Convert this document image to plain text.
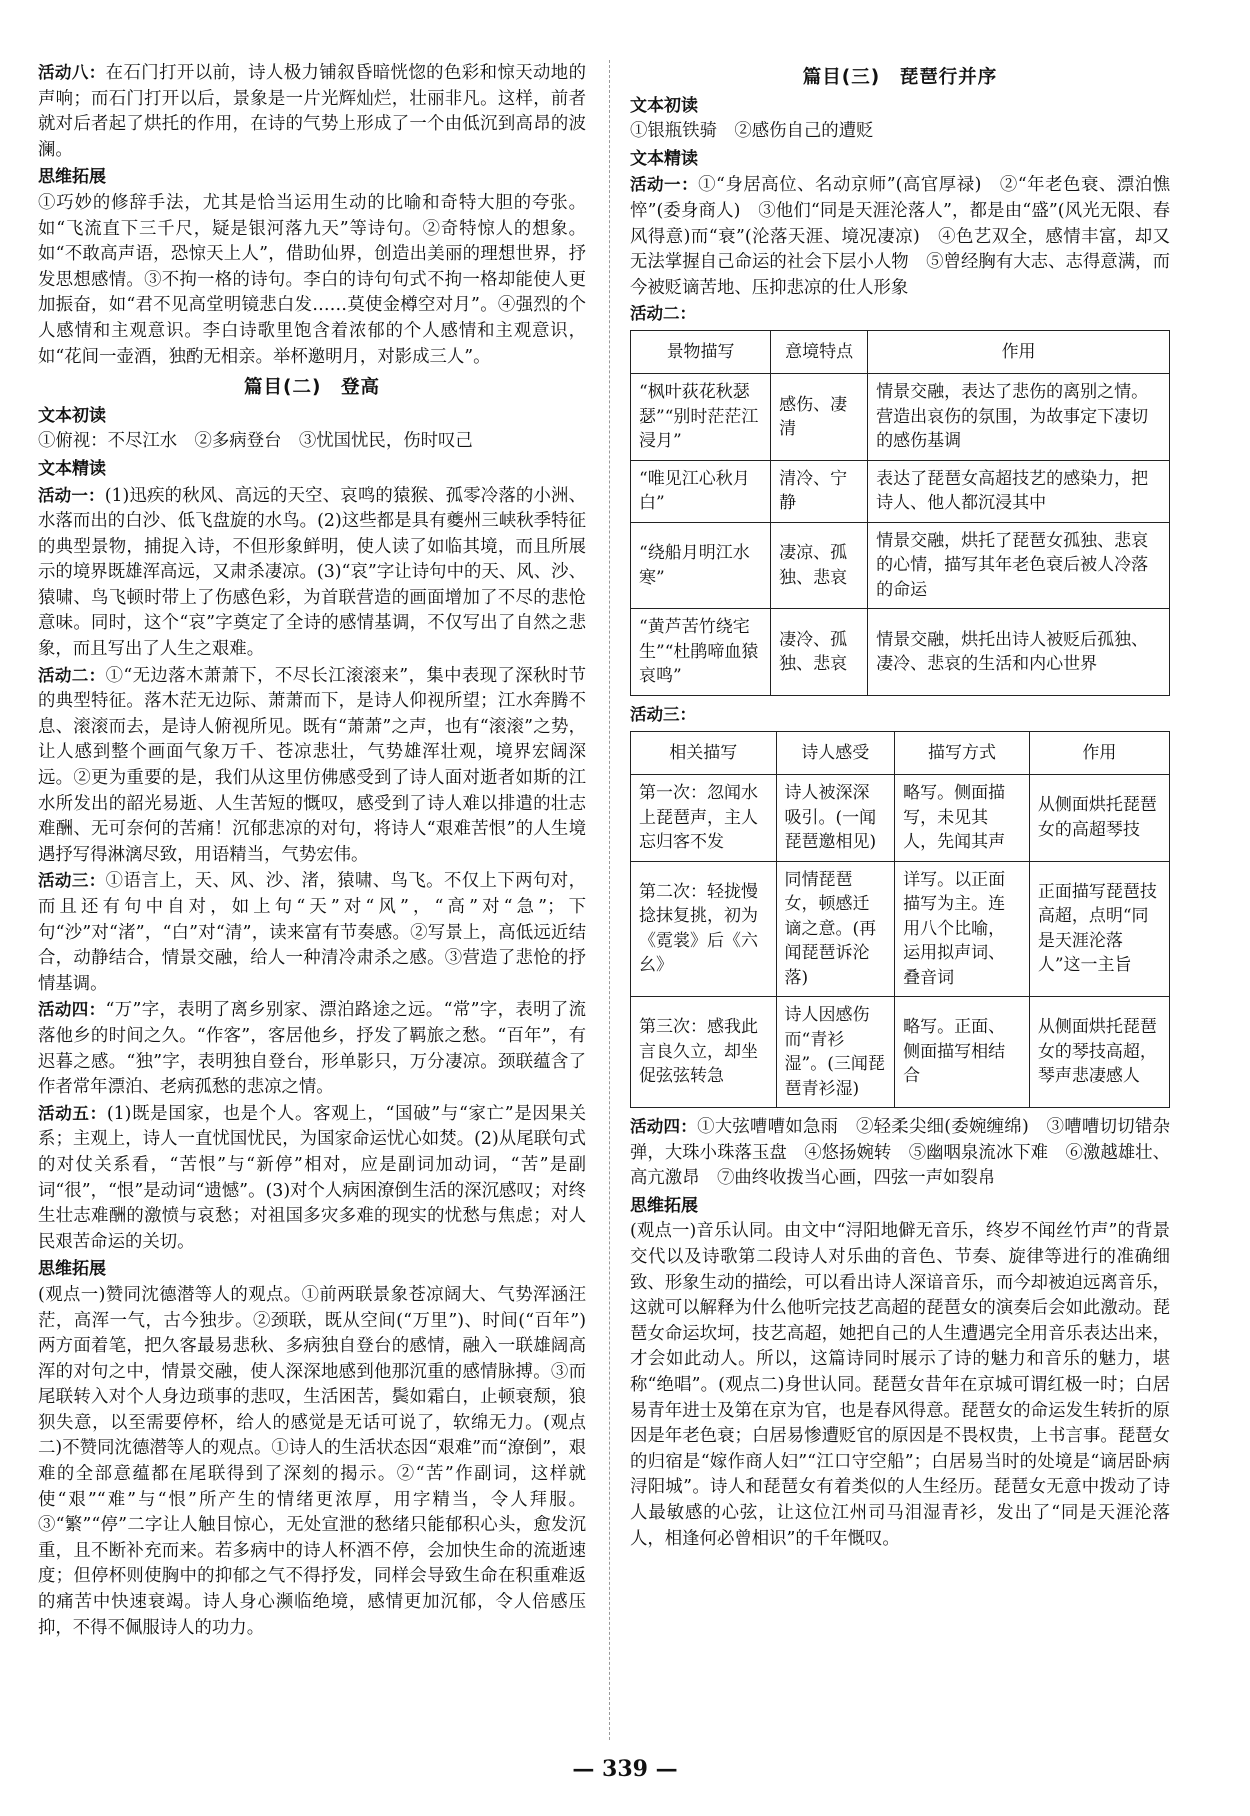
活动八：在石门打开以前，诗人极力铺叙昏暗恍惚的色彩和惊天动地的声响；而石门打开以后，景象是一片光辉灿烂，壮丽非凡。这样，前者就对后者起了烘托的作用，在诗的气势上形成了一个由低沉到高昂的波澜。

思维拓展

①巧妙的修辞手法，尤其是恰当运用生动的比喻和奇特大胆的夸张。如“飞流直下三千尺，疑是银河落九天”等诗句。②奇特惊人的想象。如“不敢高声语，恐惊天上人”，借助仙界，创造出美丽的理想世界，抒发思想感情。③不拘一格的诗句。李白的诗句句式不拘一格却能使人更加振奋，如“君不见高堂明镜悲白发……莫使金樽空对月”。④强烈的个人感情和主观意识。李白诗歌里饱含着浓郁的个人感情和主观意识，如“花间一壶酒，独酌无相亲。举杯邀明月，对影成三人”。

篇目(二)　登高
文本初读

①俯视：不尽江水　②多病登台　③忧国忧民，伤时叹己

文本精读

活动一：(1)迅疾的秋风、高远的天空、哀鸣的猿猴、孤零冷落的小洲、水落而出的白沙、低飞盘旋的水鸟。(2)这些都是具有夔州三峡秋季特征的典型景物，捕捉入诗，不但形象鲜明，使人读了如临其境，而且所展示的境界既雄浑高远，又肃杀凄凉。(3)“哀”字让诗句中的天、风、沙、猿啸、鸟飞顿时带上了伤感色彩，为首联营造的画面增加了不尽的悲怆意味。同时，这个“哀”字奠定了全诗的感情基调，不仅写出了自然之悲象，而且写出了人生之艰难。

活动二：①“无边落木萧萧下，不尽长江滚滚来”，集中表现了深秋时节的典型特征。落木茫无边际、萧萧而下，是诗人仰视所望；江水奔腾不息、滚滚而去，是诗人俯视所见。既有“萧萧”之声，也有“滚滚”之势，让人感到整个画面气象万千、苍凉悲壮，气势雄浑壮观，境界宏阔深远。②更为重要的是，我们从这里仿佛感受到了诗人面对逝者如斯的江水所发出的韶光易逝、人生苦短的慨叹，感受到了诗人难以排遣的壮志难酬、无可奈何的苦痛！沉郁悲凉的对句，将诗人“艰难苦恨”的人生境遇抒写得淋漓尽致，用语精当，气势宏伟。

活动三：①语言上，天、风、沙、渚，猿啸、鸟飞。不仅上下两句对，而且还有句中自对，如上句“天”对“风”，“高”对“急”；下句“沙”对“渚”，“白”对“清”，读来富有节奏感。②写景上，高低远近结合，动静结合，情景交融，给人一种清冷肃杀之感。③营造了悲怆的抒情基调。

活动四：“万”字，表明了离乡别家、漂泊路途之远。“常”字，表明了流落他乡的时间之久。“作客”，客居他乡，抒发了羁旅之愁。“百年”，有迟暮之感。“独”字，表明独自登台，形单影只，万分凄凉。颈联蕴含了作者常年漂泊、老病孤愁的悲凉之情。

活动五：(1)既是国家，也是个人。客观上，“国破”与“家亡”是因果关系；主观上，诗人一直忧国忧民，为国家命运忧心如焚。(2)从尾联句式的对仗关系看，“苦恨”与“新停”相对，应是副词加动词，“苦”是副词“很”，“恨”是动词“遗憾”。(3)对个人病困潦倒生活的深沉感叹；对终生壮志难酬的激愤与哀愁；对祖国多灾多难的现实的忧愁与焦虑；对人民艰苦命运的关切。

思维拓展

(观点一)赞同沈德潜等人的观点。①前两联景象苍凉阔大、气势浑涵汪茫，高浑一气，古今独步。②颈联，既从空间(“万里”)、时间(“百年”)两方面着笔，把久客最易悲秋、多病独自登台的感情，融入一联雄阔高浑的对句之中，情景交融，使人深深地感到他那沉重的感情脉搏。③而尾联转入对个人身边琐事的悲叹，生活困苦，鬓如霜白，止顿衰颓，狼狈失意，以至需要停杯，给人的感觉是无话可说了，软绵无力。(观点二)不赞同沈德潜等人的观点。①诗人的生活状态因“艰难”而“潦倒”，艰难的全部意蕴都在尾联得到了深刻的揭示。②“苦”作副词，这样就使“艰”“难”与“恨”所产生的情绪更浓厚，用字精当，令人拜服。③“繁”“停”二字让人触目惊心，无处宣泄的愁绪只能郁积心头，愈发沉重，且不断补充而来。若多病中的诗人杯酒不停，会加快生命的流逝速度；但停杯则使胸中的抑郁之气不得抒发，同样会导致生命在积重难返的痛苦中快速衰竭。诗人身心濒临绝境，感情更加沉郁，令人倍感压抑，不得不佩服诗人的功力。

篇目(三)　琵琶行并序
文本初读

①银瓶铁骑　②感伤自己的遭贬

文本精读

活动一：①“身居高位、名动京师”(高官厚禄)　②“年老色衰、漂泊憔悴”(委身商人)　③他们“同是天涯沦落人”，都是由“盛”(风光无限、春风得意)而“衰”(沦落天涯、境况凄凉)　④色艺双全，感情丰富，却又无法掌握自己命运的社会下层小人物　⑤曾经胸有大志、志得意满，而今被贬谪苦地、压抑悲凉的仕人形象

活动二：
景物描写	意境特点	作用
“枫叶荻花秋瑟瑟”“别时茫茫江浸月”	感伤、凄清	情景交融，表达了悲伤的离别之情。营造出哀伤的氛围，为故事定下凄切的感伤基调
“唯见江心秋月白”	清冷、宁静	表达了琵琶女高超技艺的感染力，把诗人、他人都沉浸其中
“绕船月明江水寒”	凄凉、孤独、悲哀	情景交融，烘托了琵琶女孤独、悲哀的心情，描写其年老色衰后被人冷落的命运
“黄芦苦竹绕宅生”“杜鹃啼血猿哀鸣”	凄冷、孤独、悲哀	情景交融，烘托出诗人被贬后孤独、凄冷、悲哀的生活和内心世界
活动三：
相关描写	诗人感受	描写方式	作用
第一次：忽闻水上琵琶声，主人忘归客不发	诗人被深深吸引。(一闻琵琶邀相见)	略写。侧面描写，未见其人，先闻其声	从侧面烘托琵琶女的高超琴技
第二次：轻拢慢捻抹复挑，初为《霓裳》后《六幺》	同情琵琶女，顿感迁谪之意。(再闻琵琶诉沦落)	详写。以正面描写为主。连用八个比喻，运用拟声词、叠音词	正面描写琵琶技高超，点明“同是天涯沦落人”这一主旨
第三次：感我此言良久立，却坐促弦弦转急	诗人因感伤而“青衫湿”。(三闻琵琶青衫湿)	略写。正面、侧面描写相结合	从侧面烘托琵琶女的琴技高超，琴声悲凄感人

活动四：①大弦嘈嘈如急雨　②轻柔尖细(委婉缠绵)　③嘈嘈切切错杂弹，大珠小珠落玉盘　④悠扬婉转　⑤幽咽泉流冰下难　⑥激越雄壮、高亢激昂　⑦曲终收拨当心画，四弦一声如裂帛

思维拓展

(观点一)音乐认同。由文中“浔阳地僻无音乐，终岁不闻丝竹声”的背景交代以及诗歌第二段诗人对乐曲的音色、节奏、旋律等进行的准确细致、形象生动的描绘，可以看出诗人深谙音乐，而今却被迫远离音乐，这就可以解释为什么他听完技艺高超的琵琶女的演奏后会如此激动。琵琶女命运坎坷，技艺高超，她把自己的人生遭遇完全用音乐表达出来，才会如此动人。所以，这篇诗同时展示了诗的魅力和音乐的魅力，堪称“绝唱”。(观点二)身世认同。琵琶女昔年在京城可谓红极一时；白居易青年进士及第在京为官，也是春风得意。琵琶女的命运发生转折的原因是年老色衰；白居易惨遭贬官的原因是不畏权贵，上书言事。琵琶女的归宿是“嫁作商人妇”“江口守空船”；白居易当时的处境是“谪居卧病浔阳城”。诗人和琵琶女有着类似的人生经历。琵琶女无意中拨动了诗人最敏感的心弦，让这位江州司马泪湿青衫，发出了“同是天涯沦落人，相逢何必曾相识”的千年慨叹。

— 339 —
